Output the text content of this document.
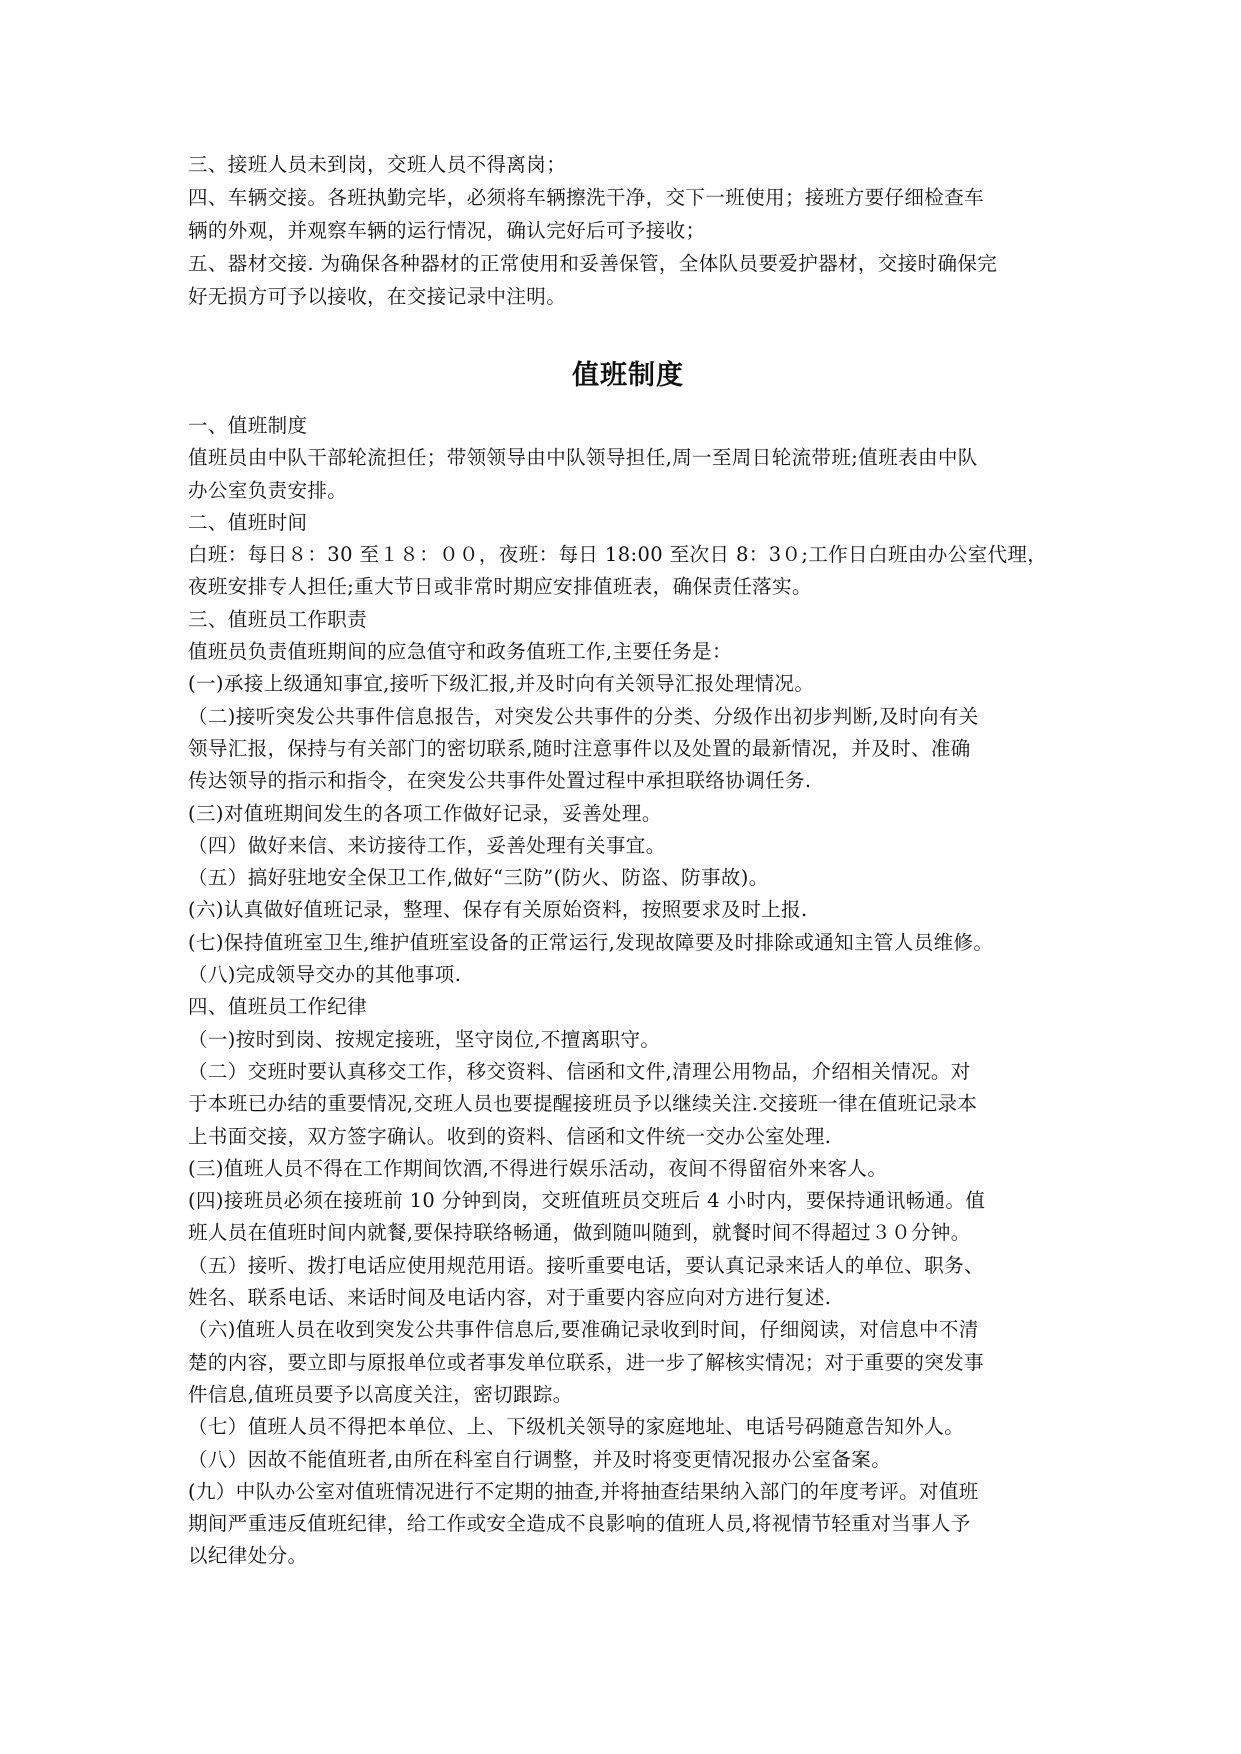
三、接班人员未到岗，交班人员不得离岗；
四、车辆交接。各班执勤完毕，必须将车辆擦洗干净，交下一班使用；接班方要仔细检查车
辆的外观，并观察车辆的运行情况，确认完好后可予接收；
五、器材交接. 为确保各种器材的正常使用和妥善保管，全体队员要爱护器材，交接时确保完
好无损方可予以接收，在交接记录中注明。
值班制度
一、值班制度
值班员由中队干部轮流担任；带领领导由中队领导担任,周一至周日轮流带班;值班表由中队
办公室负责安排。
二、值班时间
白班：每日８：30 至１８：００，夜班：每日 18:00 至次日 8：3０;工作日白班由办公室代理，
夜班安排专人担任;重大节日或非常时期应安排值班表，确保责任落实。
三、值班员工作职责
值班员负责值班期间的应急值守和政务值班工作,主要任务是：
(一)承接上级通知事宜,接听下级汇报,并及时向有关领导汇报处理情况。
（二)接听突发公共事件信息报告，对突发公共事件的分类、分级作出初步判断,及时向有关
领导汇报，保持与有关部门的密切联系,随时注意事件以及处置的最新情况，并及时、准确
传达领导的指示和指令，在突发公共事件处置过程中承担联络协调任务.
(三)对值班期间发生的各项工作做好记录，妥善处理。
（四）做好来信、来访接待工作，妥善处理有关事宜。
（五）搞好驻地安全保卫工作,做好“三防”(防火、防盗、防事故)。
(六)认真做好值班记录，整理、保存有关原始资料，按照要求及时上报.
(七)保持值班室卫生,维护值班室设备的正常运行,发现故障要及时排除或通知主管人员维修。
（八)完成领导交办的其他事项.
四、值班员工作纪律
（一)按时到岗、按规定接班，坚守岗位,不擅离职守。
（二）交班时要认真移交工作，移交资料、信函和文件,清理公用物品，介绍相关情况。对
于本班已办结的重要情况,交班人员也要提醒接班员予以继续关注.交接班一律在值班记录本
上书面交接，双方签字确认。收到的资料、信函和文件统一交办公室处理.
(三)值班人员不得在工作期间饮酒,不得进行娱乐活动，夜间不得留宿外来客人。
(四)接班员必须在接班前 10 分钟到岗，交班值班员交班后 4 小时内，要保持通讯畅通。值
班人员在值班时间内就餐,要保持联络畅通，做到随叫随到，就餐时间不得超过３０分钟。
（五）接听、拨打电话应使用规范用语。接听重要电话，要认真记录来话人的单位、职务、
姓名、联系电话、来话时间及电话内容，对于重要内容应向对方进行复述.
（六)值班人员在收到突发公共事件信息后,要准确记录收到时间，仔细阅读，对信息中不清
楚的内容，要立即与原报单位或者事发单位联系，进一步了解核实情况；对于重要的突发事
件信息,值班员要予以高度关注，密切跟踪。
（七）值班人员不得把本单位、上、下级机关领导的家庭地址、电话号码随意告知外人。
（八）因故不能值班者,由所在科室自行调整，并及时将变更情况报办公室备案。
(九）中队办公室对值班情况进行不定期的抽查,并将抽查结果纳入部门的年度考评。对值班
期间严重违反值班纪律，给工作或安全造成不良影响的值班人员,将视情节轻重对当事人予
以纪律处分。
